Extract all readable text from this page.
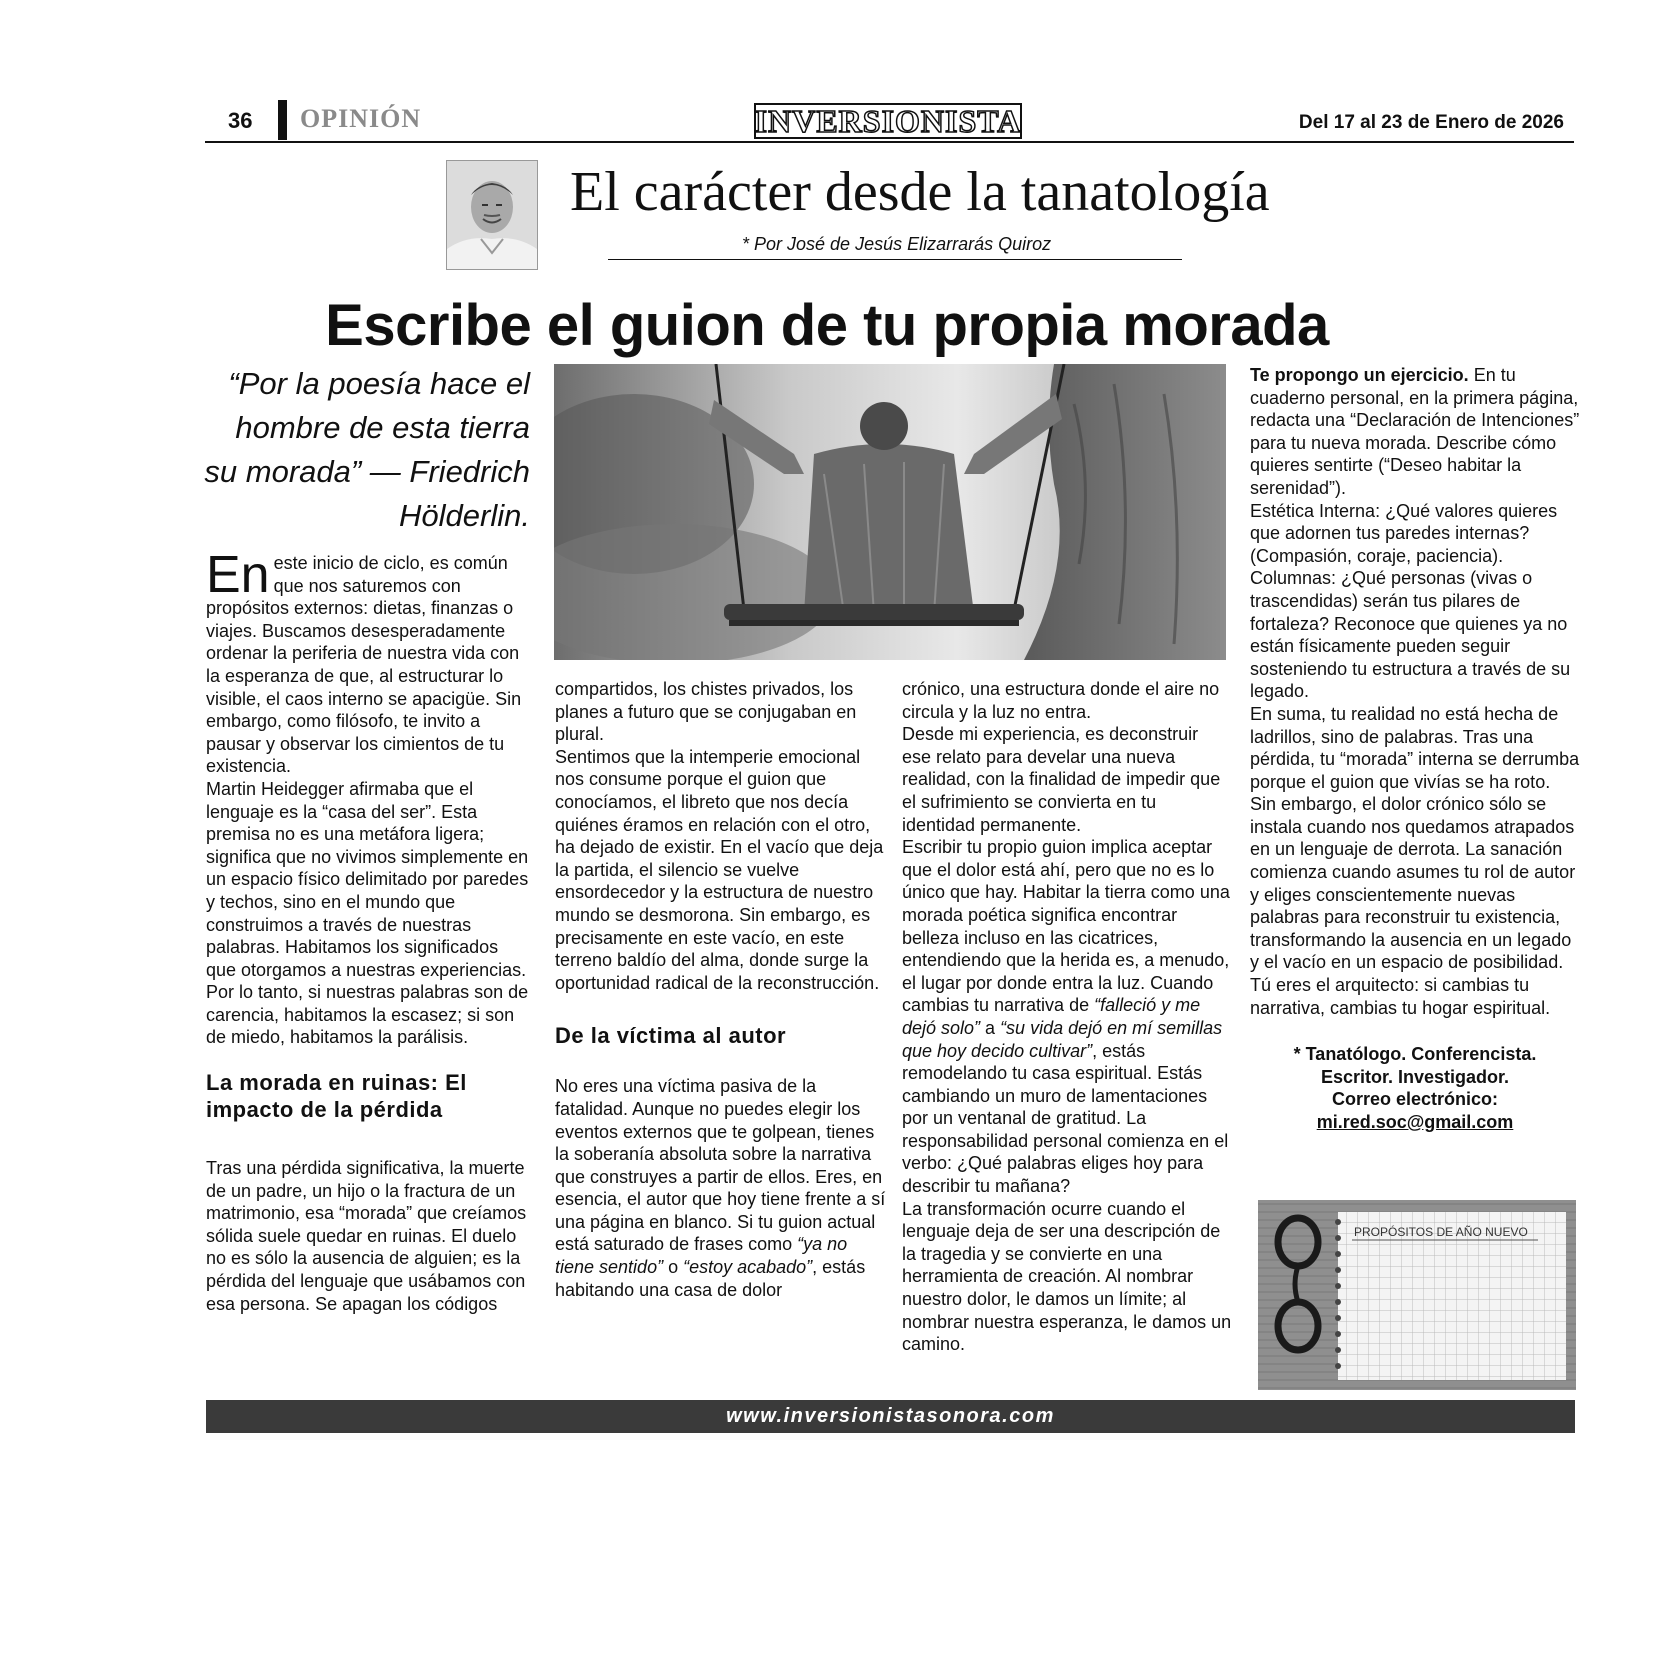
36 OPINIÓN	INVERSIONISTA	Del 17 al 23 de Enero de 2026
El carácter desde la tanatología
* Por José de Jesús Elizarrarás Quiroz
Escribe el guion de tu propia morada
“Por la poesía hace el hombre de esta tierra su morada” — Friedrich Hölderlin.

En este inicio de ciclo, es común que nos saturemos con propósitos externos: dietas, finanzas o viajes. Buscamos desesperadamente ordenar la periferia de nuestra vida con la esperanza de que, al estructurar lo visible, el caos interno se apacigüe. Sin embargo, como filósofo, te invito a pausar y observar los cimientos de tu existencia.

Martin Heidegger afirmaba que el lenguaje es la “casa del ser”. Esta premisa no es una metáfora ligera; significa que no vivimos simplemente en un espacio físico delimitado por paredes y techos, sino en el mundo que construimos a través de nuestras palabras. Habitamos los significados que otorgamos a nuestras experiencias. Por lo tanto, si nuestras palabras son de carencia, habitamos la escasez; si son de miedo, habitamos la parálisis.

La morada en ruinas: El impacto de la pérdida

Tras una pérdida significativa, la muerte de un padre, un hijo o la fractura de un matrimonio, esa “morada” que creíamos sólida suele quedar en ruinas. El duelo no es sólo la ausencia de alguien; es la pérdida del lenguaje que usábamos con esa persona. Se apagan los códigos

compartidos, los chistes privados, los planes a futuro que se conjugaban en plural.

Sentimos que la intemperie emocional nos consume porque el guion que conocíamos, el libreto que nos decía quiénes éramos en relación con el otro, ha dejado de existir. En el vacío que deja la partida, el silencio se vuelve ensordecedor y la estructura de nuestro mundo se desmorona. Sin embargo, es precisamente en este vacío, en este terreno baldío del alma, donde surge la oportunidad radical de la reconstrucción.

De la víctima al autor

No eres una víctima pasiva de la fatalidad. Aunque no puedes elegir los eventos externos que te golpean, tienes la soberanía absoluta sobre la narrativa que construyes a partir de ellos. Eres, en esencia, el autor que hoy tiene frente a sí una página en blanco. Si tu guion actual está saturado de frases como “ya no tiene sentido” o “estoy acabado”, estás habitando una casa de dolor

crónico, una estructura donde el aire no circula y la luz no entra.

Desde mi experiencia, es deconstruir ese relato para develar una nueva realidad, con la finalidad de impedir que el sufrimiento se convierta en tu identidad permanente.

Escribir tu propio guion implica aceptar que el dolor está ahí, pero que no es lo único que hay. Habitar la tierra como una morada poética significa encontrar belleza incluso en las cicatrices, entendiendo que la herida es, a menudo, el lugar por donde entra la luz. Cuando cambias tu narrativa de “falleció y me dejó solo” a “su vida dejó en mí semillas que hoy decido cultivar”, estás remodelando tu casa espiritual. Estás cambiando un muro de lamentaciones por un ventanal de gratitud. La responsabilidad personal comienza en el verbo: ¿Qué palabras eliges hoy para describir tu mañana?

La transformación ocurre cuando el lenguaje deja de ser una descripción de la tragedia y se convierte en una herramienta de creación. Al nombrar nuestro dolor, le damos un límite; al nombrar nuestra esperanza, le damos un camino.

Te propongo un ejercicio. En tu cuaderno personal, en la primera página, redacta una “Declaración de Intenciones” para tu nueva morada. Describe cómo quieres sentirte (“Deseo habitar la serenidad”).

Estética Interna: ¿Qué valores quieres que adornen tus paredes internas? (Compasión, coraje, paciencia).

Columnas: ¿Qué personas (vivas o trascendidas) serán tus pilares de fortaleza? Reconoce que quienes ya no están físicamente pueden seguir sosteniendo tu estructura a través de su legado.

En suma, tu realidad no está hecha de ladrillos, sino de palabras. Tras una pérdida, tu “morada” interna se derrumba porque el guion que vivías se ha roto. Sin embargo, el dolor crónico sólo se instala cuando nos quedamos atrapados en un lenguaje de derrota. La sanación comienza cuando asumes tu rol de autor y eliges conscientemente nuevas palabras para reconstruir tu existencia, transformando la ausencia en un legado y el vacío en un espacio de posibilidad. Tú eres el arquitecto: si cambias tu narrativa, cambias tu hogar espiritual.

* Tanatólogo. Conferencista.
Escritor. Investigador.
Correo electrónico:
mi.red.soc@gmail.com
PROPÓSITOS DE AÑO NUEVO
www.inversionistasonora.com
